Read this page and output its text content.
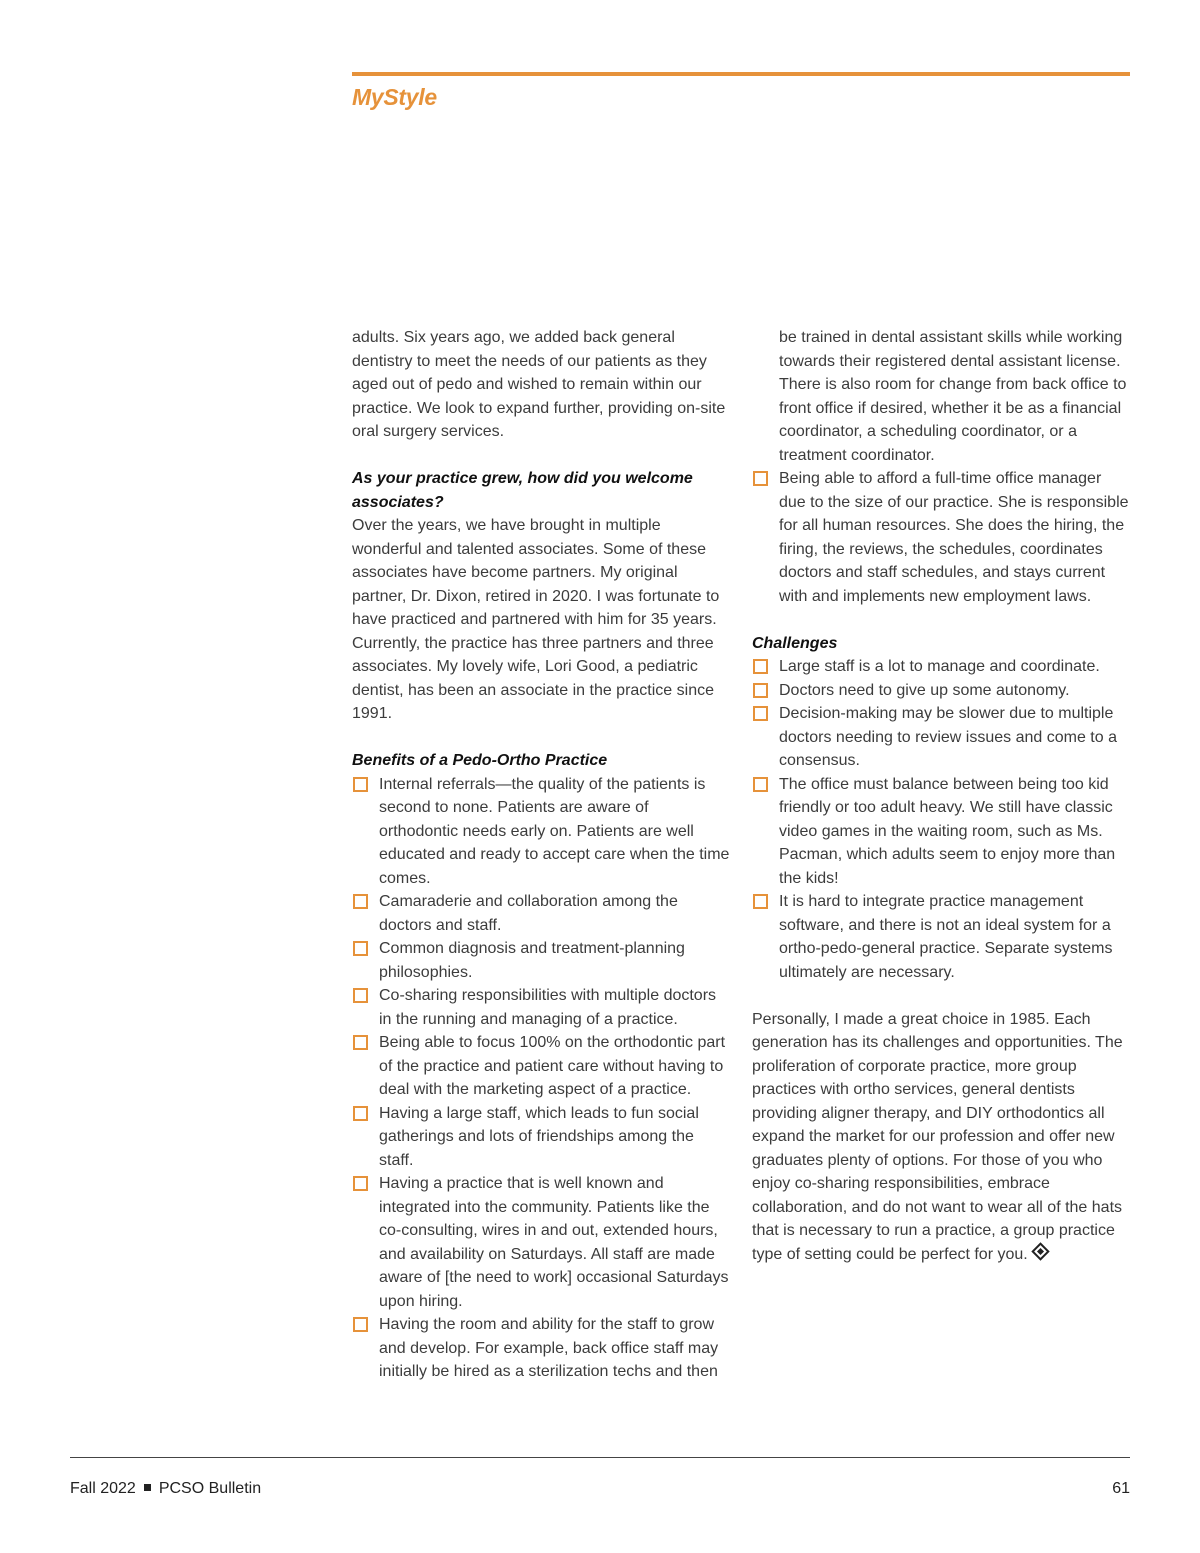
MyStyle

adults. Six years ago, we added back general dentistry to meet the needs of our patients as they aged out of pedo and wished to remain within our practice. We look to expand further, providing on-site oral surgery services.

As your practice grew, how did you welcome associates?

Over the years, we have brought in multiple wonderful and talented associates. Some of these associates have become partners. My original partner, Dr. Dixon, retired in 2020. I was fortunate to have practiced and partnered with him for 35 years. Currently, the practice has three partners and three associates. My lovely wife, Lori Good, a pediatric dentist, has been an associate in the practice since 1991.

Benefits of a Pedo-Ortho Practice

Internal referrals—the quality of the patients is second to none. Patients are aware of orthodontic needs early on. Patients are well educated and ready to accept care when the time comes.
Camaraderie and collaboration among the doctors and staff.
Common diagnosis and treatment-planning philosophies.
Co-sharing responsibilities with multiple doctors in the running and managing of a practice.
Being able to focus 100% on the orthodontic part of the practice and patient care without having to deal with the marketing aspect of a practice.
Having a large staff, which leads to fun social gatherings and lots of friendships among the staff.
Having a practice that is well known and integrated into the community. Patients like the co-consulting, wires in and out, extended hours, and availability on Saturdays. All staff are made aware of [the need to work] occasional Saturdays upon hiring.
Having the room and ability for the staff to grow and develop. For example, back office staff may initially be hired as a sterilization techs and then

be trained in dental assistant skills while working towards their registered dental assistant license. There is also room for change from back office to front office if desired, whether it be as a financial coordinator, a scheduling coordinator, or a treatment coordinator.

Being able to afford a full-time office manager due to the size of our practice. She is responsible for all human resources. She does the hiring, the firing, the reviews, the schedules, coordinates doctors and staff schedules, and stays current with and implements new employment laws.

Challenges

Large staff is a lot to manage and coordinate.
Doctors need to give up some autonomy.
Decision-making may be slower due to multiple doctors needing to review issues and come to a consensus.
The office must balance between being too kid friendly or too adult heavy. We still have classic video games in the waiting room, such as Ms. Pacman, which adults seem to enjoy more than the kids!
It is hard to integrate practice management software, and there is not an ideal system for a ortho-pedo-general practice. Separate systems ultimately are necessary.

Personally, I made a great choice in 1985. Each generation has its challenges and opportunities. The proliferation of corporate practice, more group practices with ortho services, general dentists providing aligner therapy, and DIY orthodontics all expand the market for our profession and offer new graduates plenty of options. For those of you who enjoy co-sharing responsibilities, embrace collaboration, and do not want to wear all of the hats that is necessary to run a practice, a group practice type of setting could be perfect for you.

Fall 2022 PCSO Bulletin	61
